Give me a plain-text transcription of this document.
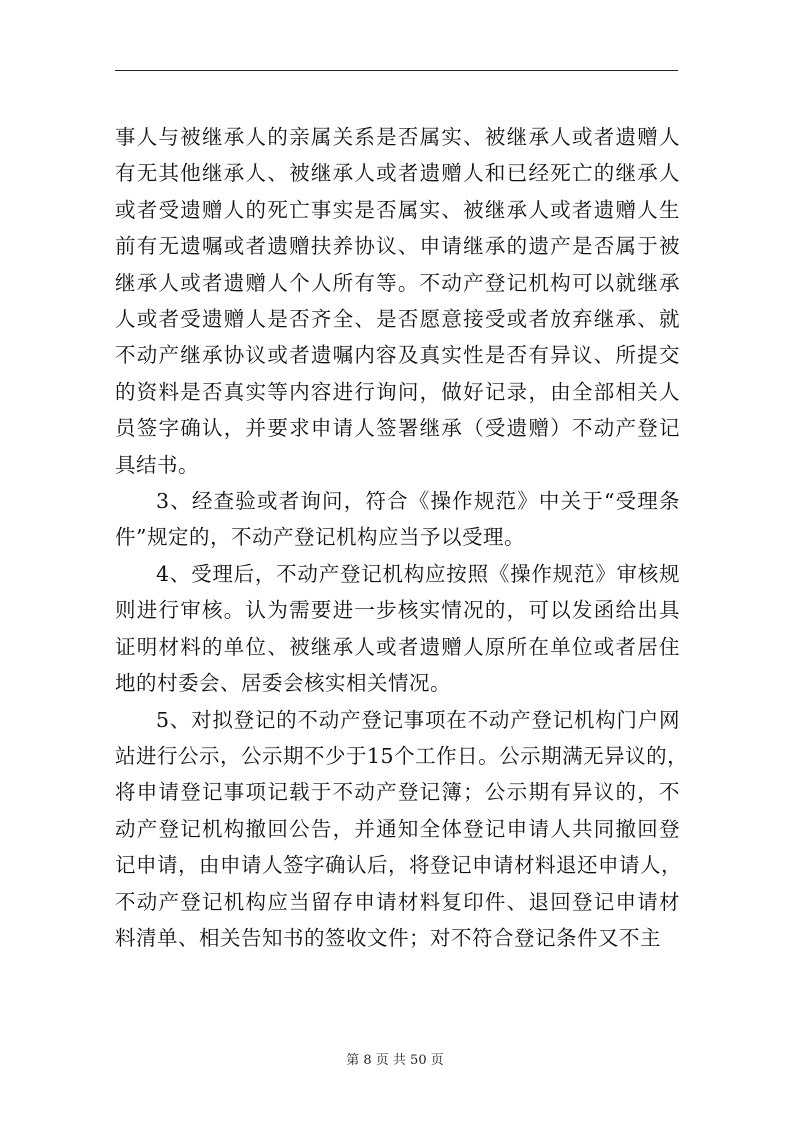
事人与被继承人的亲属关系是否属实、被继承人或者遗赠人
有无其他继承人、被继承人或者遗赠人和已经死亡的继承人
或者受遗赠人的死亡事实是否属实、被继承人或者遗赠人生
前有无遗嘱或者遗赠扶养协议、申请继承的遗产是否属于被
继承人或者遗赠人个人所有等。不动产登记机构可以就继承
人或者受遗赠人是否齐全、是否愿意接受或者放弃继承、就
不动产继承协议或者遗嘱内容及真实性是否有异议、所提交
的资料是否真实等内容进行询问，做好记录，由全部相关人
员签字确认，并要求申请人签署继承（受遗赠）不动产登记
具结书。

3、经查验或者询问，符合《操作规范》中关于“受理条
件”规定的，不动产登记机构应当予以受理。

4、受理后，不动产登记机构应按照《操作规范》审核规
则进行审核。认为需要进一步核实情况的，可以发函给出具
证明材料的单位、被继承人或者遗赠人原所在单位或者居住
地的村委会、居委会核实相关情况。

5、对拟登记的不动产登记事项在不动产登记机构门户网
站进行公示，公示期不少于15个工作日。公示期满无异议的，
将申请登记事项记载于不动产登记簿；公示期有异议的，不
动产登记机构撤回公告，并通知全体登记申请人共同撤回登
记申请，由申请人签字确认后，将登记申请材料退还申请人，
不动产登记机构应当留存申请材料复印件、退回登记申请材
料清单、相关告知书的签收文件；对不符合登记条件又不主

第 8 页 共 50 页
